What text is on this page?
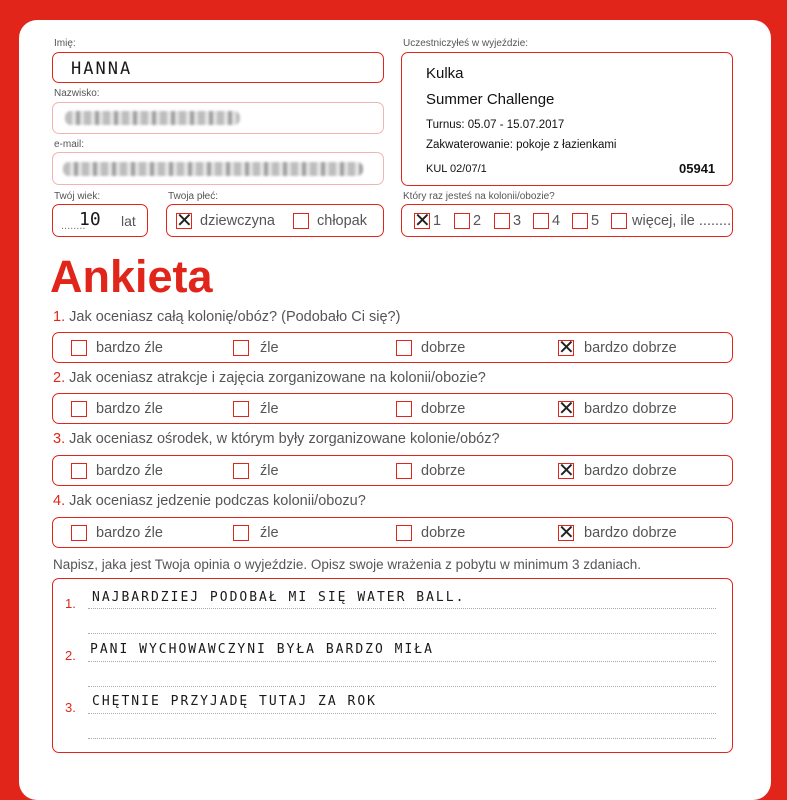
Imię:
HANNA
Nazwisko:
e-mail:
Twój wiek:
........
10 lat
Twoja płeć:
✕ dziewczyna	chłopak
Uczestniczyłeś w wyjeździe:
Kulka
Summer Challenge
Turnus: 05.07 - 15.07.2017
Zakwaterowanie: pokoje z łazienkami
KUL 02/07/1	05941
Który raz jesteś na kolonii/obozie?
✕ 1 2 3 4 5 więcej, ile ........
Ankieta
1. Jak oceniasz całą kolonię/obóz? (Podobało Ci się?)
bardzo źle	źle	dobrze	✕ bardzo dobrze
2. Jak oceniasz atrakcje i zajęcia zorganizowane na kolonii/obozie?
bardzo źle	źle	dobrze	✕ bardzo dobrze
3. Jak oceniasz ośrodek, w którym były zorganizowane kolonie/obóz?
bardzo źle	źle	dobrze	✕ bardzo dobrze
4. Jak oceniasz jedzenie podczas kolonii/obozu?
bardzo źle	źle	dobrze	✕ bardzo dobrze
Napisz, jaka jest Twoja opinia o wyjeździe. Opisz swoje wrażenia z pobytu w minimum 3 zdaniach.
1. NAJBARDZIEJ PODOBAŁ MI SIĘ WATER BALL.
2. PANI WYCHOWAWCZYNI BYŁA BARDZO MIŁA
3. CHĘTNIE PRZYJADĘ TUTAJ ZA ROK
